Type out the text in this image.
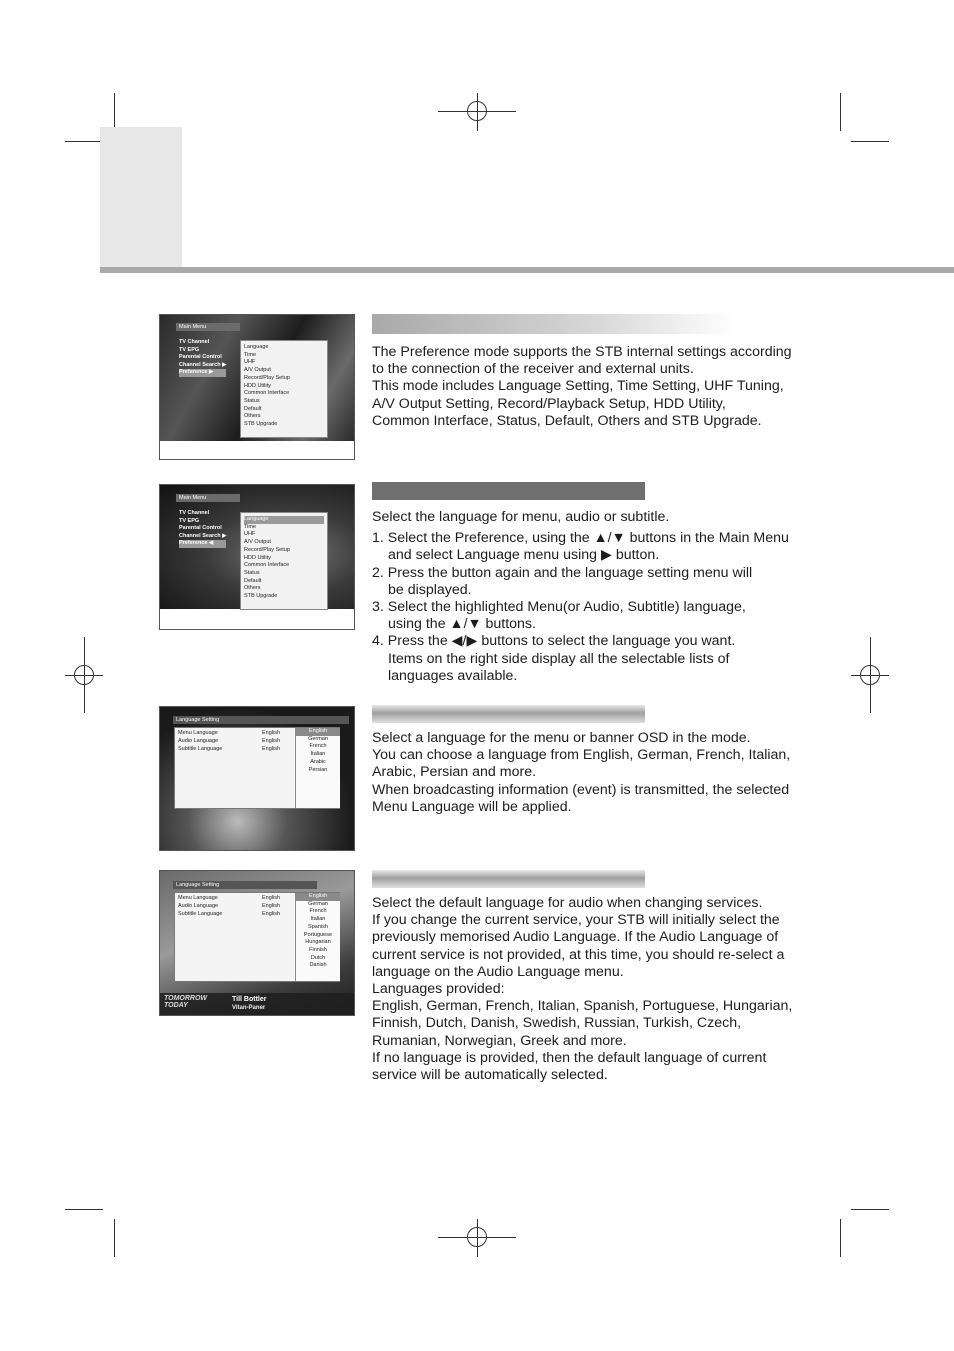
Main Menu
TV Channel
TV EPG
Parental Control
Channel Search ▶
Preference ▶
Language
Time
UHF
A/V Output
Record/Play Setup
HDD Utility
Common Interface
Status
Default
Others
STB Upgrade

The Preference mode supports the STB internal settings according

to the connection of the receiver and external units.

This mode includes Language Setting, Time Setting, UHF Tuning,

A/V Output Setting, Record/Playback Setup, HDD Utility,

Common Interface, Status, Default, Others and STB Upgrade.

Main Menu
TV Channel
TV EPG
Parental Control
Channel Search ▶
Preference ◀
Language
Time
UHF
A/V Output
Record/Play Setup
HDD Utility
Common Interface
Status
Default
Others
STB Upgrade

Select the language for menu, audio or subtitle.

1. Select the Preference, using the ▲/▼ buttons in the Main Menu

and select Language menu using ▶ button.

2. Press the button again and the language setting menu will

be displayed.

3. Select the highlighted Menu(or Audio, Subtitle) language,

using the ▲/▼ buttons.

4. Press the ◀/▶ buttons to select the language you want.

Items on the right side display all the selectable lists of

languages available.

Language Setting
Menu Language	English
Audio Language	English
Subtitle Language	English
English
German
French
Italian
Arabic
Persian

Select a language for the menu or banner OSD in the mode.

You can choose a language from English, German, French, Italian,

Arabic, Persian and more.

When broadcasting information (event) is transmitted, the selected

Menu Language will be applied.

Language Setting
Menu Language	English
Audio Language	English
Subtitle Language	English
English
German
French
Italian
Spanish
Portuguese
Hungarian
Finnish
Dutch
Danish
TOMORROW TODAY
Till Bottler
Vitan-Paner

Select the default language for audio when changing services.

If you change the current service, your STB will initially select the

previously memorised Audio Language. If the Audio Language of

current service is not provided, at this time, you should re-select a

language on the Audio Language menu.

Languages provided:

English, German, French, Italian, Spanish, Portuguese, Hungarian,

Finnish, Dutch, Danish, Swedish, Russian, Turkish, Czech,

Rumanian, Norwegian, Greek and more.

If no language is provided, then the default language of current

service will be automatically selected.
